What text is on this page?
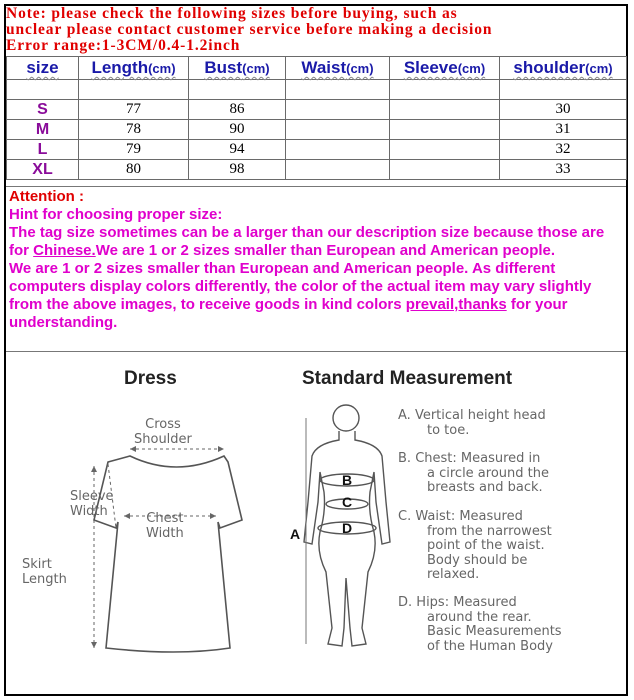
Note: please check the following sizes before buying, such as
unclear please contact customer service before making a decision
Error range:1-3CM/0.4-1.2inch
size	Length(cm)	Bust(cm)	Waist(cm)	Sleeve(cm)	shoulder(cm)

S	77	86			30
M	78	90			31
L	79	94			32
XL	80	98			33

Attention :

Hint for choosing proper size:

The tag size sometimes can be a larger than our description size because those are for Chinese.We are 1 or 2 sizes smaller than European and American people.

We are 1 or 2 sizes smaller than European and American people. As different computers display colors differently, the color of the actual item may vary slightly from the above images, to receive goods in kind colors prevail,thanks for your understanding.

Dress
Cross
Shoulder
Sleeve
Width	Chest
Width
Skirt
Length
Standard Measurement
A
B
C
D
A. Vertical height head
to toe.
B. Chest: Measured in
a circle around the
breasts and back.
C. Waist: Measured
from the narrowest
point of the waist.
Body should be
relaxed.
D. Hips: Measured
around the rear.
Basic Measurements
of the Human Body
